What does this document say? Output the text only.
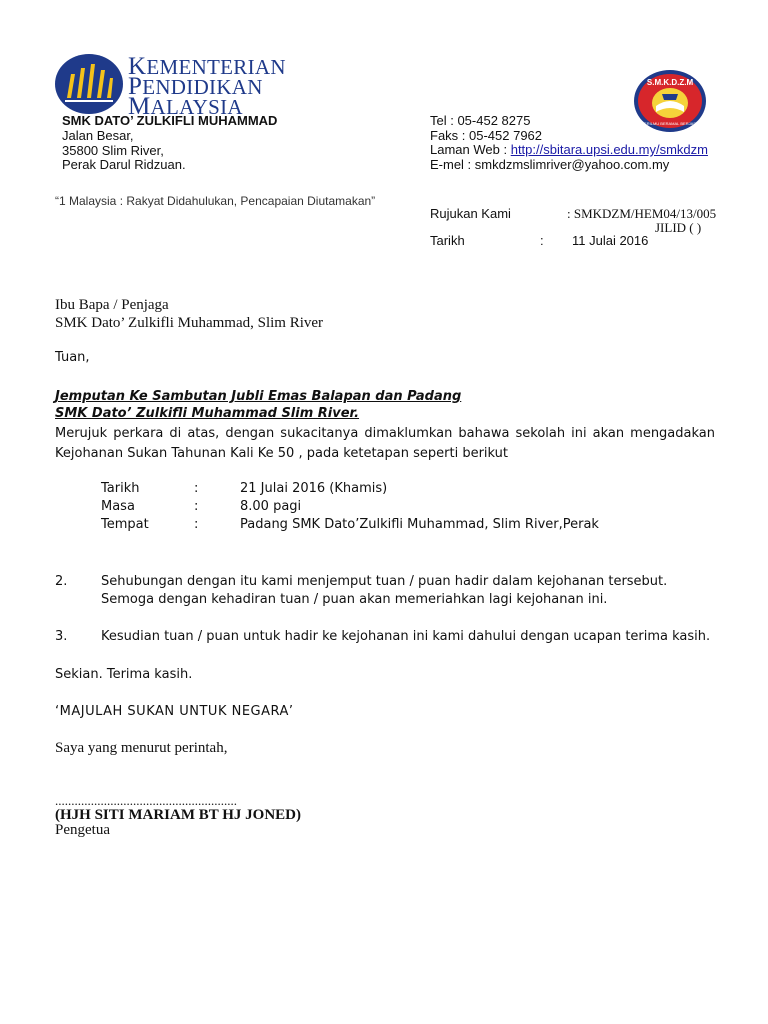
KEMENTERIAN
PENDIDIKAN
MALAYSIA
S.M.K.D.Z.M
BERILMU BERAMAL BERJASA
SMK DATO’ ZULKIFLI MUHAMMAD
Jalan Besar,
35800 Slim River,
Perak Darul Ridzuan.
Tel : 05-452 8275
Faks : 05-452 7962
Laman Web : http://sbitara.upsi.edu.my/smkdzm
E-mel : smkdzmslimriver@yahoo.com.my
“1 Malaysia : Rakyat Didahulukan, Pencapaian Diutamakan”
Rujukan Kami	: SMKDZM/HEM04/13/005
JILID ( )
Tarikh	: 11 Julai 2016
Ibu Bapa / Penjaga
SMK Dato’ Zulkifli Muhammad, Slim River
Tuan,
Jemputan Ke Sambutan Jubli Emas Balapan dan Padang
SMK Dato’ Zulkifli Muhammad Slim River.
Merujuk perkara di atas, dengan sukacitanya dimaklumkan bahawa sekolah ini akan mengadakan Kejohanan Sukan Tahunan Kali Ke 50 , pada ketetapan seperti berikut
Tarikh	:	21 Julai 2016 (Khamis)
Masa	:	8.00 pagi
Tempat	:	Padang SMK Dato’Zulkifli Muhammad, Slim River,Perak
2.	Sehubungan dengan itu kami menjemput tuan / puan hadir dalam kejohanan tersebut.
Semoga dengan kehadiran tuan / puan akan memeriahkan lagi kejohanan ini.
3.	Kesudian tuan / puan untuk hadir ke kejohanan ini kami dahului dengan ucapan terima kasih.
Sekian. Terima kasih.
‘MAJULAH SUKAN UNTUK NEGARA’
Saya yang menurut perintah,
........................................................
(HJH SITI MARIAM BT HJ JONED)
Pengetua
